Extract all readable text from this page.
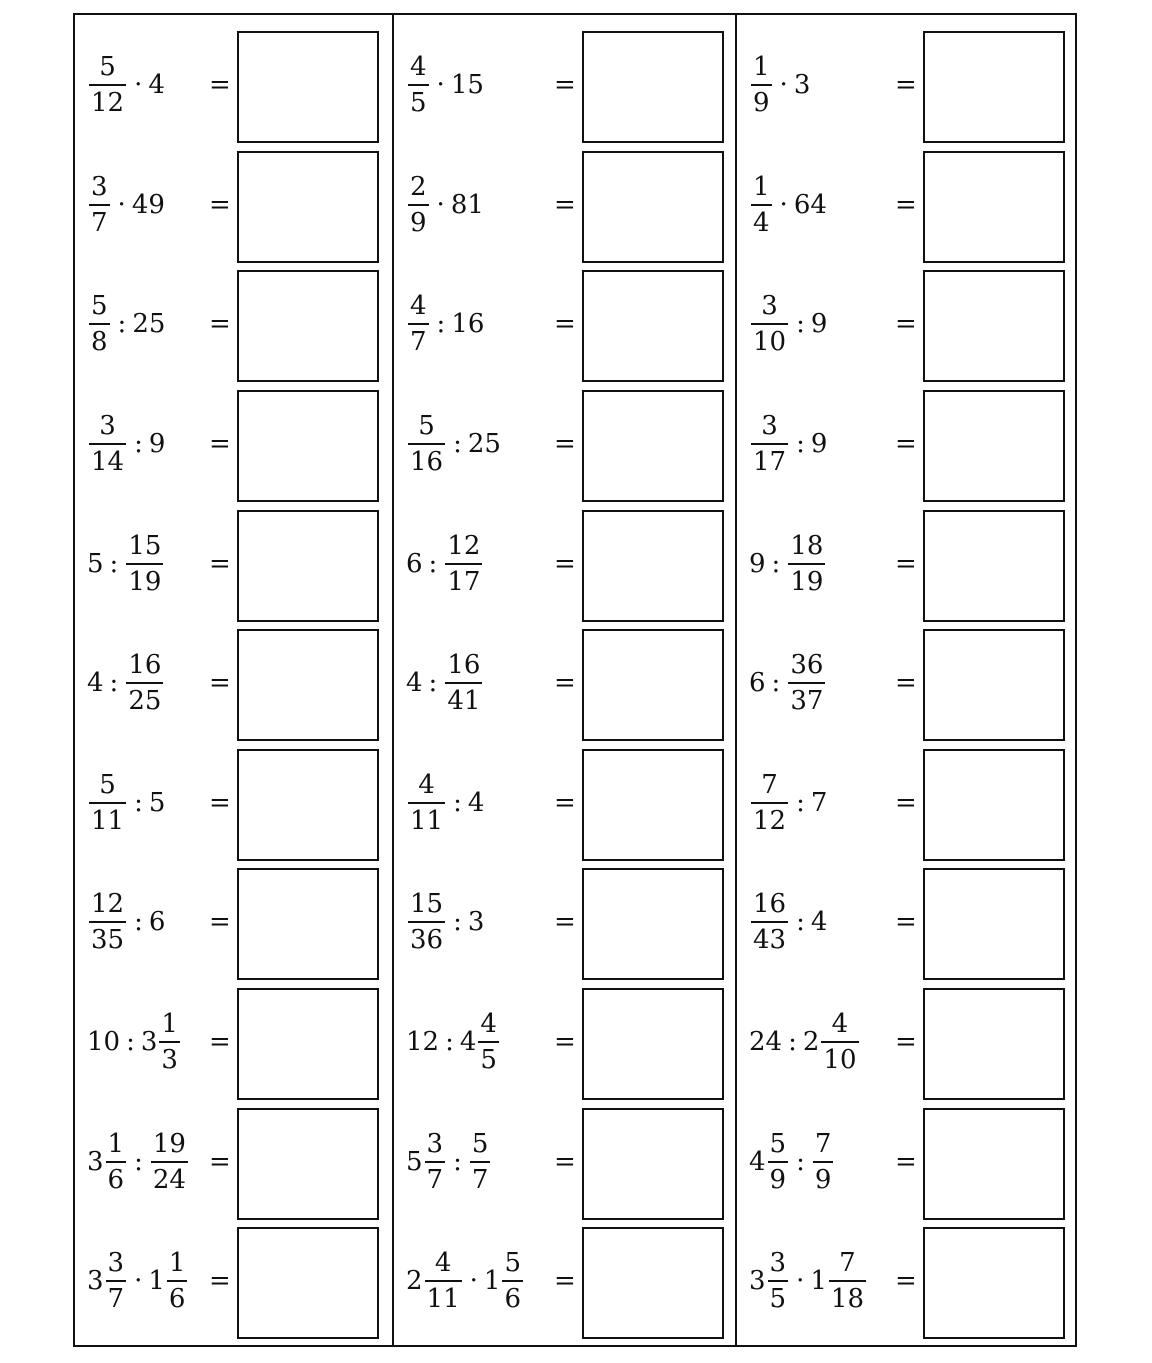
$\frac{5}{12} \cdot 4$ =
$\frac{3}{7} \cdot 49$ =
$\frac{5}{8}$ : 25 =
$\frac{3}{14}$ : 9 =
5 : $\frac{15}{19}$ =
4 : $\frac{16}{25}$ =
$\frac{5}{11}$ : 5 =
$\frac{12}{35}$ : 6 =
10 : $3 \frac{1}{3}$ =
$3 \frac{1}{6}$ : $\frac{19}{24}$ =
$3 \frac{3}{7} \cdot 1 \frac{1}{6}$ =
$\frac{4}{5} \cdot 15$	=
$\frac{2}{9} \cdot 81$	=
$\frac{4}{7}$ : 16	=
$\frac{5}{16}$ : 25 =
6 : $\frac{12}{17}$	=
4 : $\frac{16}{41}$	=
$\frac{4}{11}$ : 4	=
$\frac{15}{36}$ : 3	=
12 : $4 \frac{4}{5}$ =
$5 \frac{3}{7}$ : $\frac{5}{7}$ =
$2 \frac{4}{11} \cdot 1 \frac{5}{6}$ =
$\frac{1}{9} \cdot 3$	=
$\frac{1}{4} \cdot 64$	=
$\frac{3}{10}$ : 9	=
$\frac{3}{17}$ : 9	=
9 : $\frac{18}{19}$	=
6 : $\frac{36}{37}$	=
$\frac{7}{12}$ : 7	=
$\frac{16}{43}$ : 4	=
24 : $2 \frac{4}{10}$ =
$4 \frac{5}{9}$ : $\frac{7}{9}$ =
$3 \frac{3}{5} \cdot 1 \frac{7}{18}$ =
